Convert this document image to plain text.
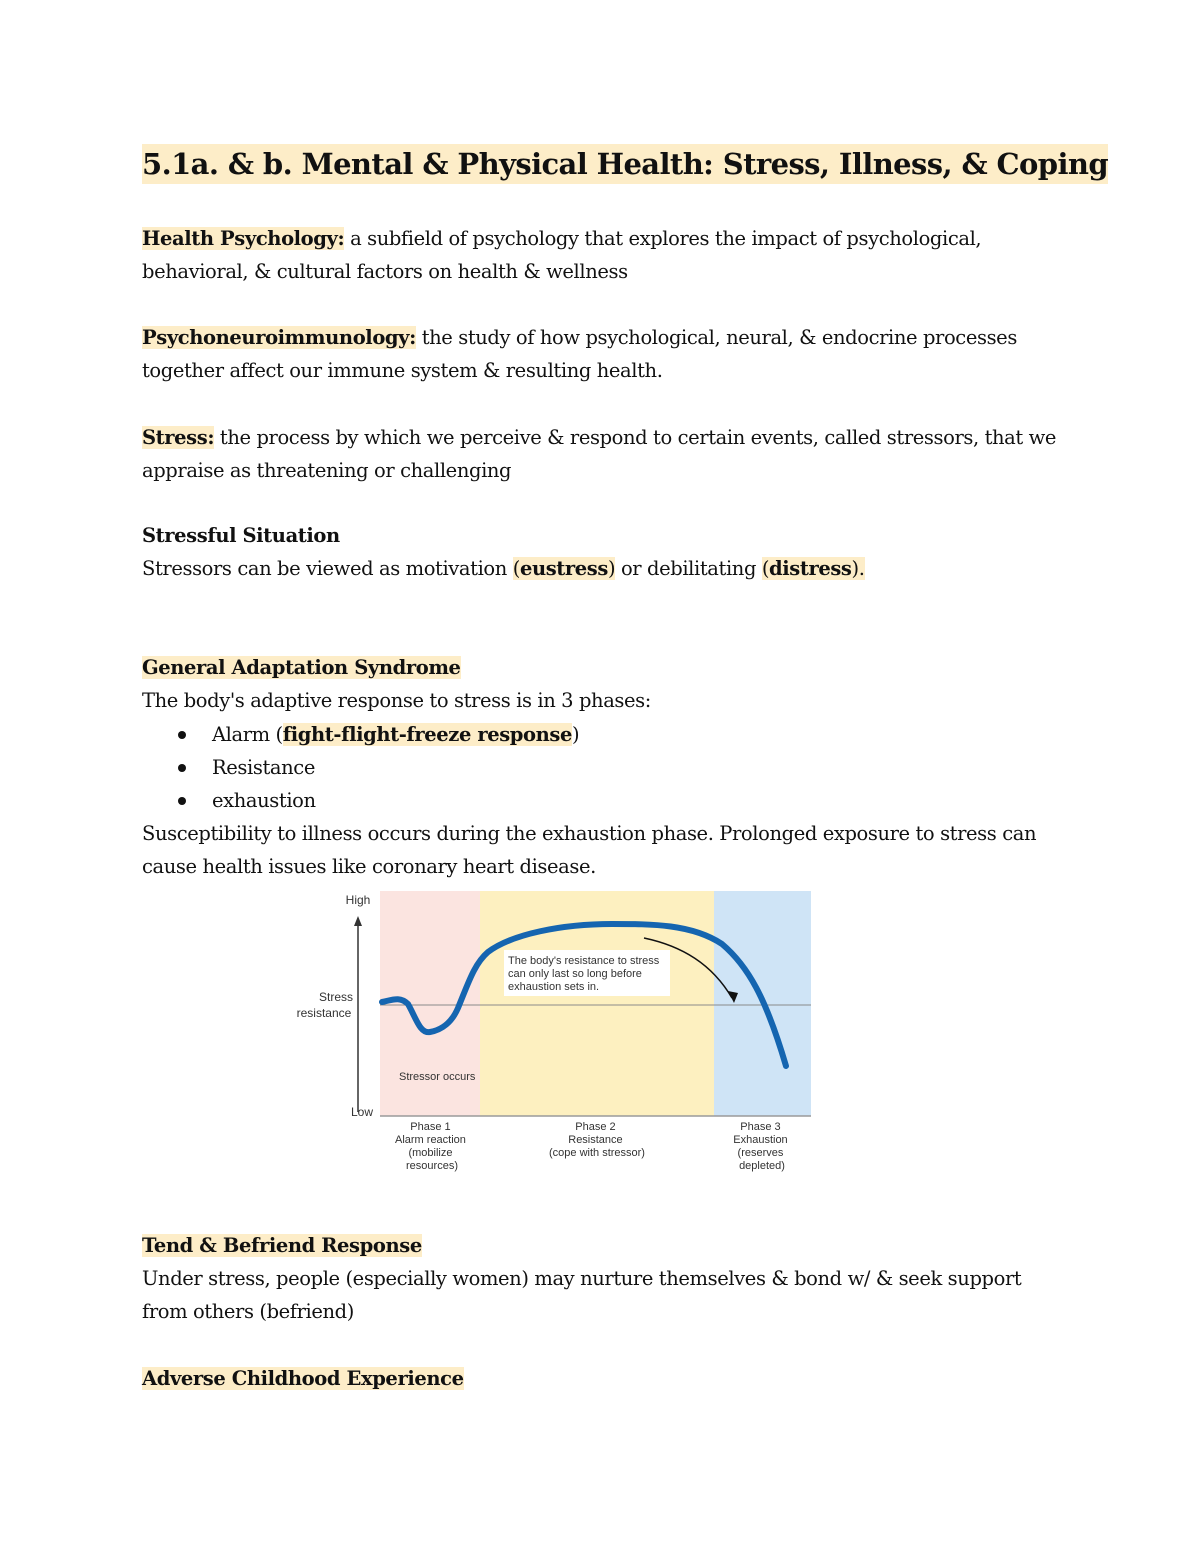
5.1a. & b. Mental & Physical Health: Stress, Illness, & Coping
Health Psychology: a subfield of psychology that explores the impact of psychological,
behavioral, & cultural factors on health & wellness
Psychoneuroimmunology: the study of how psychological, neural, & endocrine processes
together affect our immune system & resulting health.
Stress: the process by which we perceive & respond to certain events, called stressors, that we
appraise as threatening or challenging
Stressful Situation
Stressors can be viewed as motivation (eustress) or debilitating (distress).
General Adaptation Syndrome
The body's adaptive response to stress is in 3 phases:
Alarm (fight-flight-freeze response)
Resistance
exhaustion
Susceptibility to illness occurs during the exhaustion phase. Prolonged exposure to stress can
cause health issues like coronary heart disease.
High
Stress
resistance
Low
The body's resistance to stress
can only last so long before
exhaustion sets in.
Stressor occurs
Phase 1 Alarm reaction (mobilize resources)
Phase 2 Resistance (cope with stressor)
Phase 3 Exhaustion (reserves depleted)
Tend & Befriend Response
Under stress, people (especially women) may nurture themselves & bond w/ & seek support
from others (befriend)
Adverse Childhood Experience
